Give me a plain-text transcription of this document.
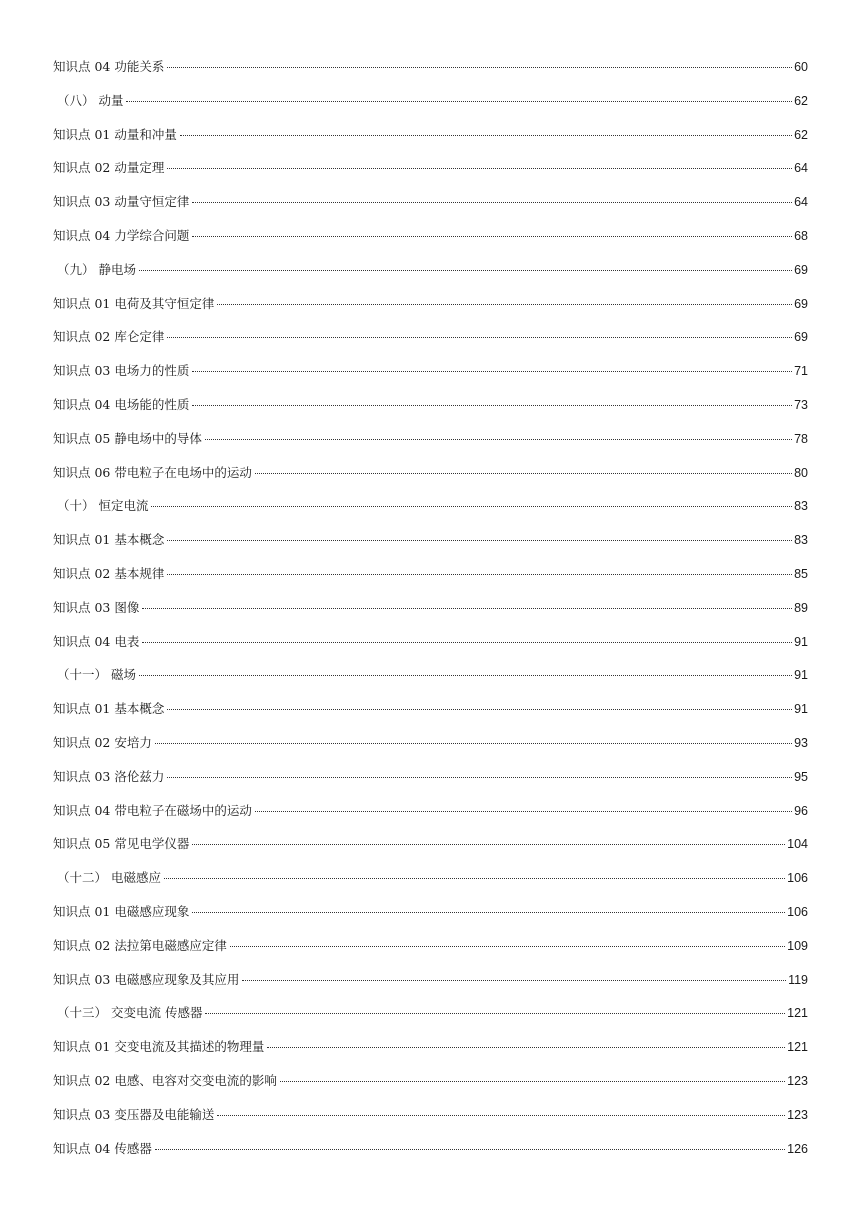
知识点 04 功能关系	60
（八） 动量	62
知识点 01 动量和冲量	62
知识点 02 动量定理	64
知识点 03 动量守恒定律	64
知识点 04 力学综合问题	68
（九） 静电场	69
知识点 01 电荷及其守恒定律	69
知识点 02 库仑定律	69
知识点 03 电场力的性质	71
知识点 04 电场能的性质	73
知识点 05 静电场中的导体	78
知识点 06 带电粒子在电场中的运动	80
（十） 恒定电流	83
知识点 01 基本概念	83
知识点 02 基本规律	85
知识点 03 图像	89
知识点 04 电表	91
（十一） 磁场	91
知识点 01 基本概念	91
知识点 02 安培力	93
知识点 03 洛伦兹力	95
知识点 04 带电粒子在磁场中的运动	96
知识点 05 常见电学仪器	104
（十二） 电磁感应	106
知识点 01 电磁感应现象	106
知识点 02 法拉第电磁感应定律	109
知识点 03 电磁感应现象及其应用	119
（十三） 交变电流 传感器	121
知识点 01 交变电流及其描述的物理量	121
知识点 02 电感、电容对交变电流的影响	123
知识点 03 变压器及电能输送	123
知识点 04 传感器	126
